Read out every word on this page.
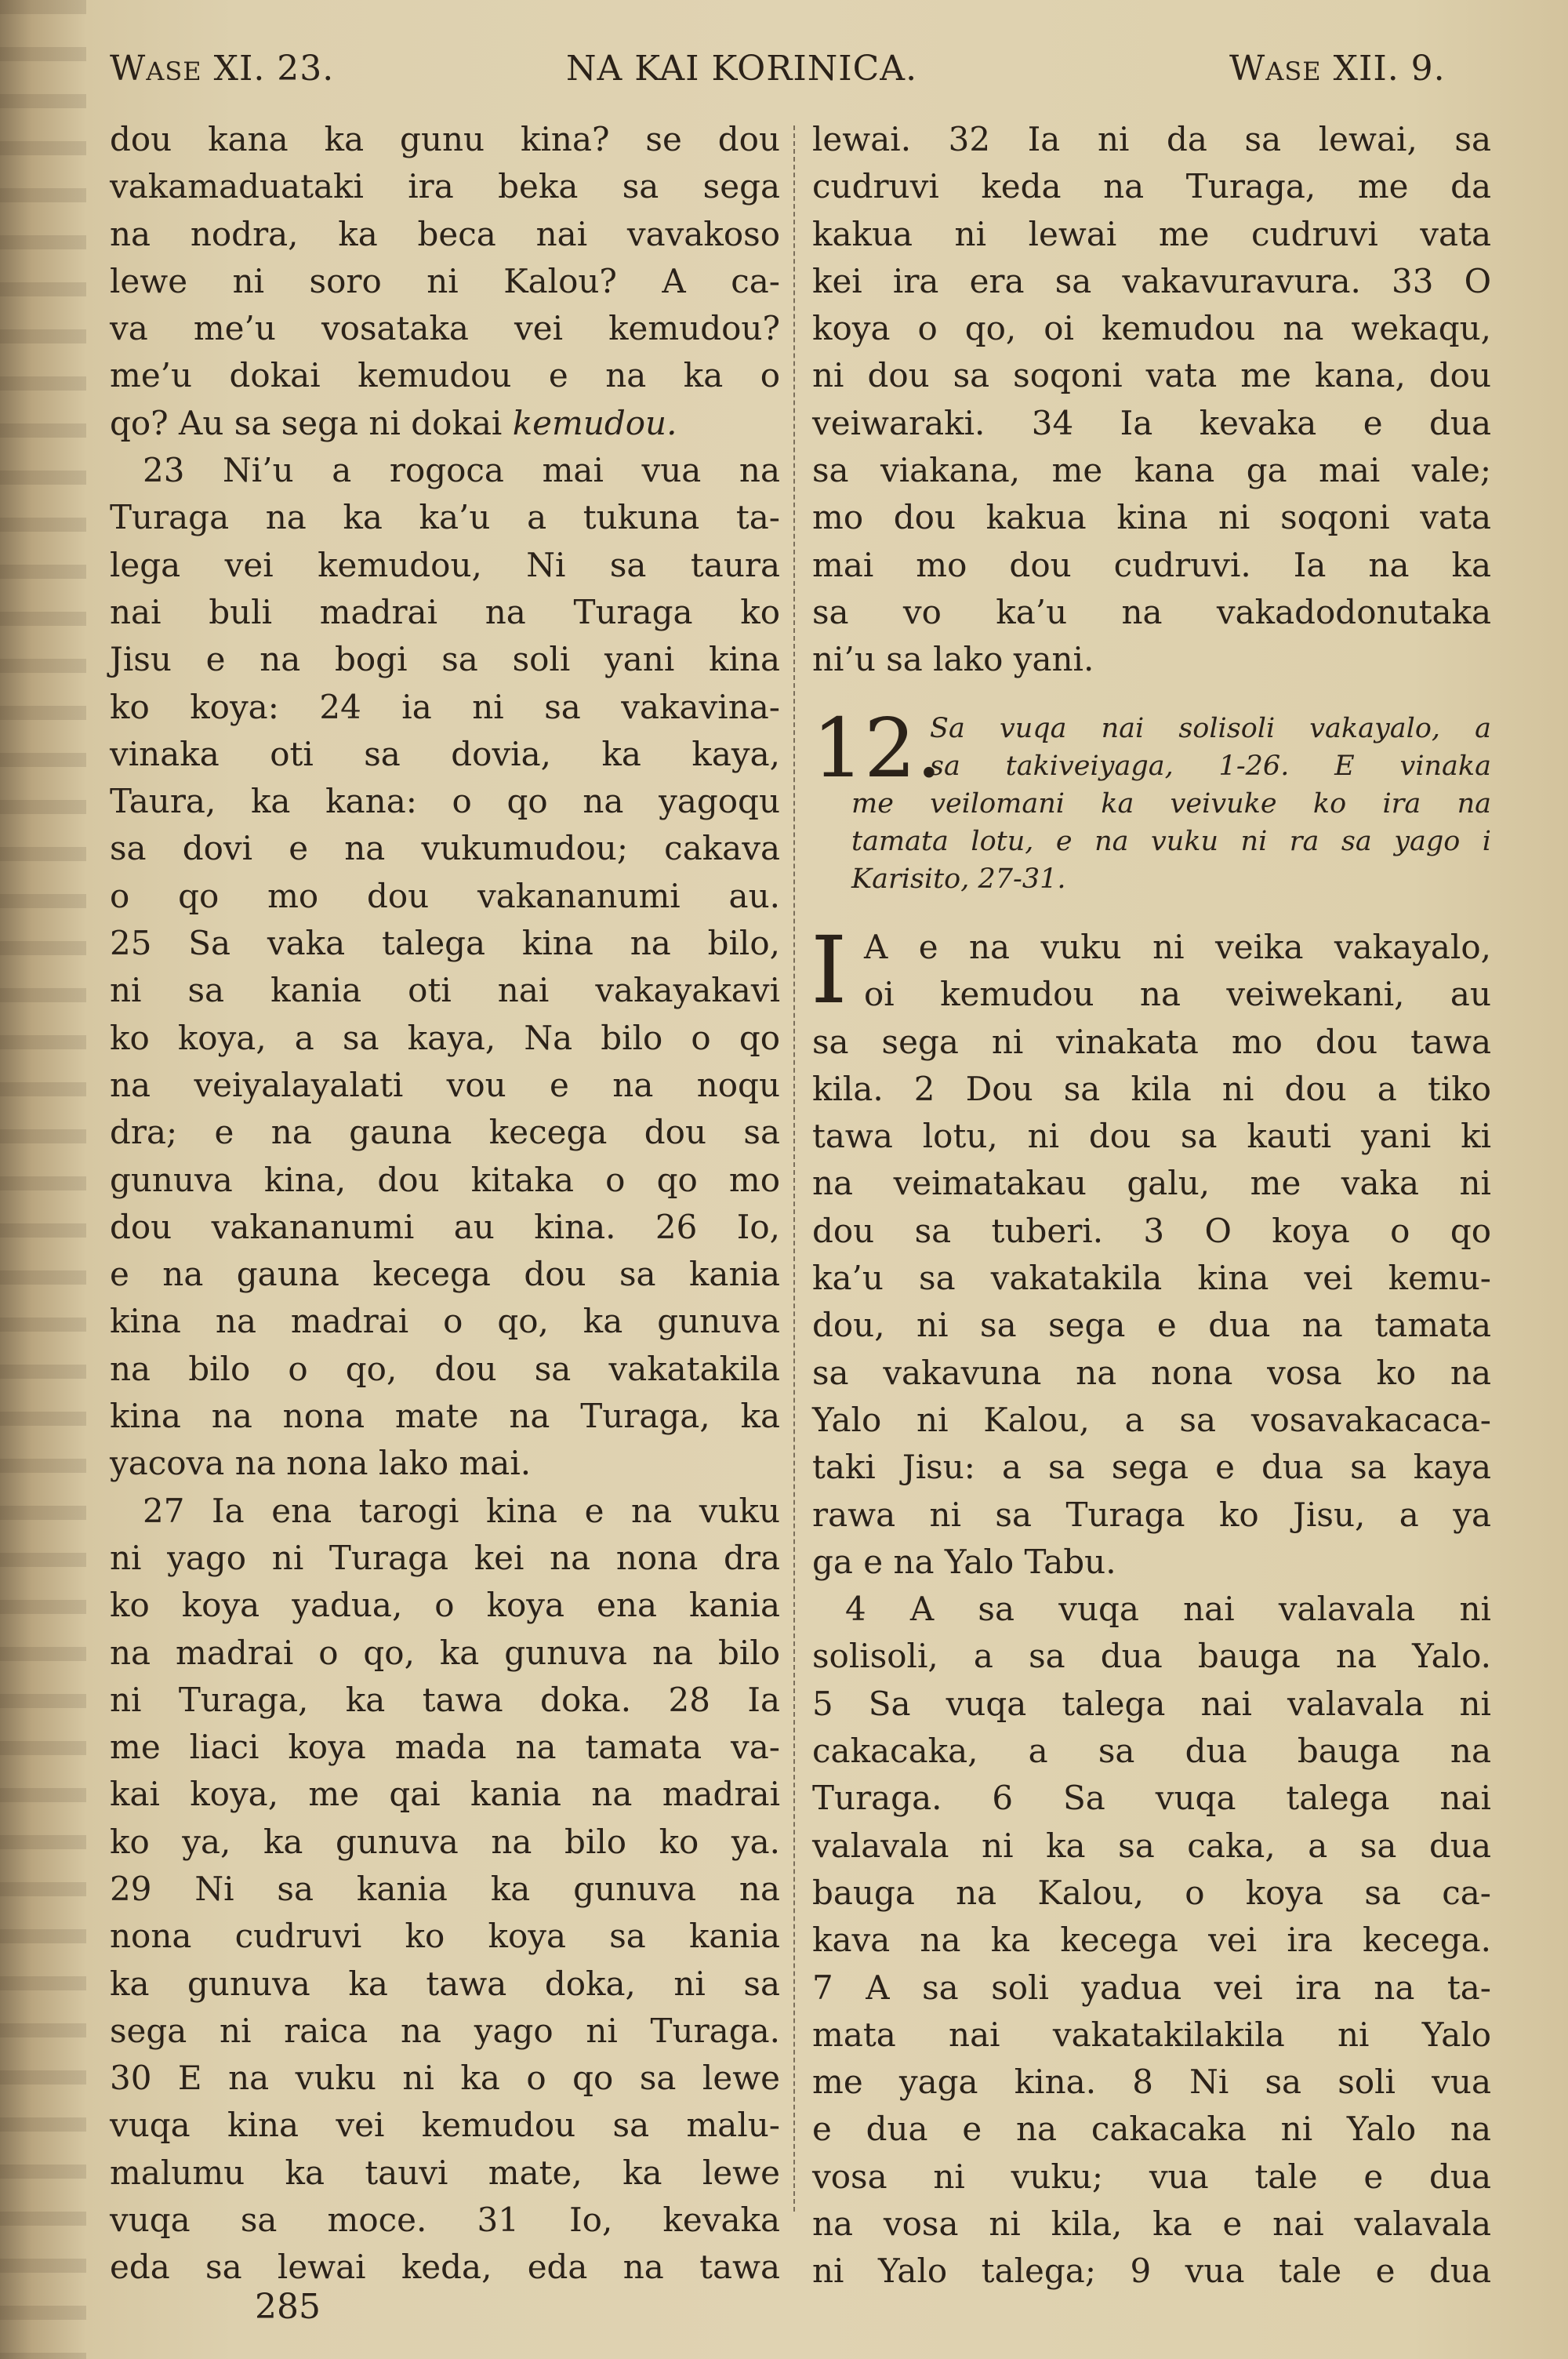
WASE XI. 23.	NA KAI KORINICA.	WASE XII. 9.
dou kana ka gunu kina? se dou
vakamaduataki ira beka sa sega
na nodra, ka beca nai vavakoso
lewe ni soro ni Kalou? A ca-
va me’u vosataka vei kemudou?
me’u dokai kemudou e na ka o
qo? Au sa sega ni dokai kemudou.
23 Ni’u a rogoca mai vua na
Turaga na ka ka’u a tukuna ta-
lega vei kemudou, Ni sa taura
nai buli madrai na Turaga ko
Jisu e na bogi sa soli yani kina
ko koya: 24 ia ni sa vakavina-
vinaka oti sa dovia, ka kaya,
Taura, ka kana: o qo na yagoqu
sa dovi e na vukumudou; cakava
o qo mo dou vakananumi au.
25 Sa vaka talega kina na bilo,
ni sa kania oti nai vakayakavi
ko koya, a sa kaya, Na bilo o qo
na veiyalayalati vou e na noqu
dra; e na gauna kecega dou sa
gunuva kina, dou kitaka o qo mo
dou vakananumi au kina. 26 Io,
e na gauna kecega dou sa kania
kina na madrai o qo, ka gunuva
na bilo o qo, dou sa vakatakila
kina na nona mate na Turaga, ka
yacova na nona lako mai.
27 Ia ena tarogi kina e na vuku
ni yago ni Turaga kei na nona dra
ko koya yadua, o koya ena kania
na madrai o qo, ka gunuva na bilo
ni Turaga, ka tawa doka. 28 Ia
me liaci koya mada na tamata va-
kai koya, me qai kania na madrai
ko ya, ka gunuva na bilo ko ya.
29 Ni sa kania ka gunuva na
nona cudruvi ko koya sa kania
ka gunuva ka tawa doka, ni sa
sega ni raica na yago ni Turaga.
30 E na vuku ni ka o qo sa lewe
vuqa kina vei kemudou sa malu-
malumu ka tauvi mate, ka lewe
vuqa sa moce. 31 Io, kevaka
eda sa lewai keda, eda na tawa
lewai. 32 Ia ni da sa lewai, sa
cudruvi keda na Turaga, me da
kakua ni lewai me cudruvi vata
kei ira era sa vakavuravura. 33 O
koya o qo, oi kemudou na wekaqu,
ni dou sa soqoni vata me kana, dou
veiwaraki. 34 Ia kevaka e dua
sa viakana, me kana ga mai vale;
mo dou kakua kina ni soqoni vata
mai mo dou cudruvi. Ia na ka
sa vo ka’u na vakadodonutaka
ni’u sa lako yani.
12.
Sa vuqa nai solisoli vakayalo, a
sa takiveiyaga, 1-26. E vinaka
me veilomani ka veivuke ko ira na
tamata lotu, e na vuku ni ra sa yago i
Karisito, 27-31.
I A e na vuku ni veika vakayalo,
oi kemudou na veiwekani, au
sa sega ni vinakata mo dou tawa
kila. 2 Dou sa kila ni dou a tiko
tawa lotu, ni dou sa kauti yani ki
na veimatakau galu, me vaka ni
dou sa tuberi. 3 O koya o qo
ka’u sa vakatakila kina vei kemu-
dou, ni sa sega e dua na tamata
sa vakavuna na nona vosa ko na
Yalo ni Kalou, a sa vosavakacaca-
taki Jisu: a sa sega e dua sa kaya
rawa ni sa Turaga ko Jisu, a ya
ga e na Yalo Tabu.
4 A sa vuqa nai valavala ni
solisoli, a sa dua bauga na Yalo.
5 Sa vuqa talega nai valavala ni
cakacaka, a sa dua bauga na
Turaga. 6 Sa vuqa talega nai
valavala ni ka sa caka, a sa dua
bauga na Kalou, o koya sa ca-
kava na ka kecega vei ira kecega.
7 A sa soli yadua vei ira na ta-
mata nai vakatakilakila ni Yalo
me yaga kina. 8 Ni sa soli vua
e dua e na cakacaka ni Yalo na
vosa ni vuku; vua tale e dua
na vosa ni kila, ka e nai valavala
ni Yalo talega; 9 vua tale e dua
285
